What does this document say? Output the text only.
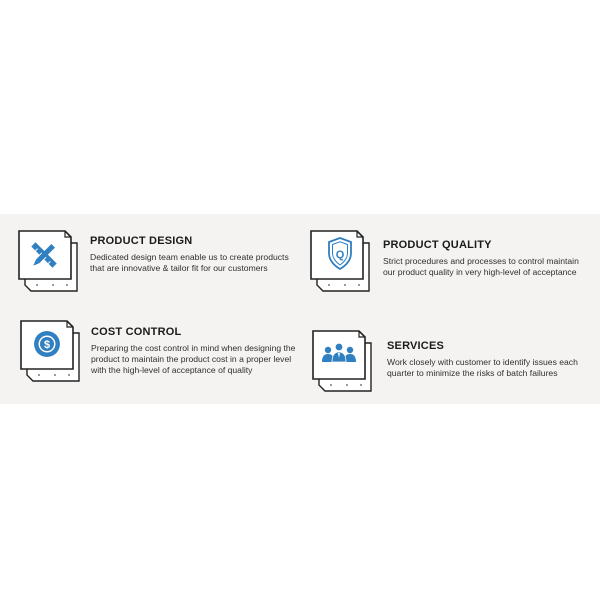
PRODUCT DESIGN

Dedicated design team enable us to create products that are innovative & tailor fit for our customers

Q

PRODUCT QUALITY

Strict procedures and processes to control maintain our product quality in very high-level of acceptance

$

COST CONTROL

Preparing the cost control in mind when designing the product to maintain the product cost in a proper level with the high-level of acceptance of quality

SERVICES

Work closely with customer to identify issues each quarter to minimize the risks of batch failures
